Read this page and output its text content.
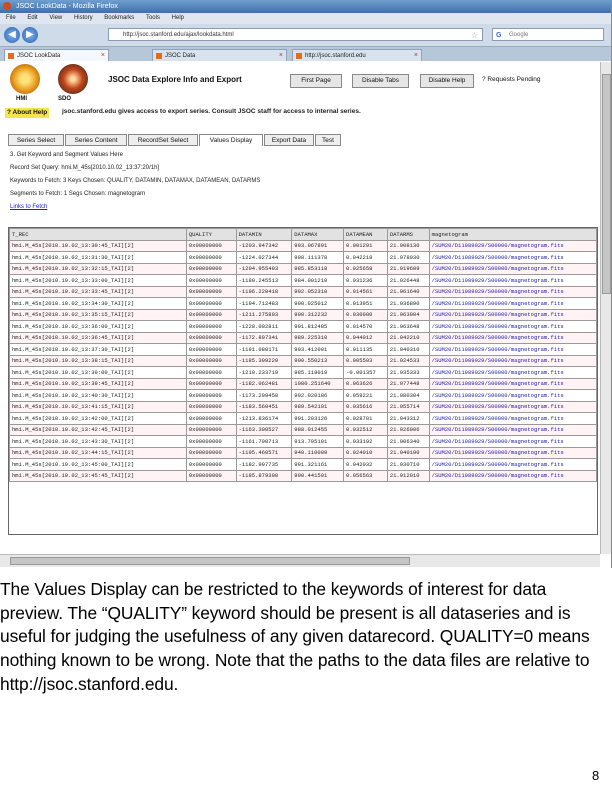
JSOC LookData - Mozilla Firefox
File Edit View History Bookmarks Tools Help
◀	▶	http://jsoc.stanford.edu/ajax/lookdata.html	☆	G Google
JSOC LookData	×	JSOC Data	×	http://jsoc.stanford.edu	×
HMI	SDO
JSOC Data Explore Info and Export	First Page	Disable Tabs	Disable Help	? Requests Pending
? About Help	jsoc.stanford.edu gives access to export series. Consult JSOC staff for access to internal series.
Series Select	Series Content	RecordSet Select	Values Display	Export Data	Test
3. Get Keyword and Segment Values Here
Record Set Query: hmi.M_45s[2010.10.02_13:37:20/1h]
Keywords to Fetch: 3 Keys Chosen: QUALITY, DATAMIN, DATAMAX, DATAMEAN, DATARMS
Segments to Fetch: 1 Segs Chosen: magnetogram
Links to Fetch
T_REC	QUALITY	DATAMIN	DATAMAX	DATAMEAN	DATARMS	magnetogram
hmi.M_45s[2010.10.02_13:30:45_TAI][2]	0x00000000	-1203.947342	993.067891	0.001291	21.908130	/SUM20/D11089029/S00000/magnetogram.fits
hmi.M_45s[2010.10.02_13:31:30_TAI][2]	0x00000000	-1224.027344	998.111378	0.042218	21.978030	/SUM20/D11089029/S00000/magnetogram.fits
hmi.M_45s[2010.10.02_13:32:15_TAI][2]	0x00000000	-1204.955493	985.853118	0.025658	21.919609	/SUM20/D11089029/S00000/magnetogram.fits
hmi.M_45s[2010.10.02_13:33:00_TAI][2]	0x00000000	-1180.245513	984.001210	0.031236	21.926448	/SUM20/D11089029/S00000/magnetogram.fits
hmi.M_45s[2010.10.02_13:33:45_TAI][2]	0x00000000	-1196.220418	992.052310	0.014561	21.961640	/SUM20/D11089029/S00000/magnetogram.fits
hmi.M_45s[2010.10.02_13:34:30_TAI][2]	0x00000000	-1194.712483	990.025012	0.013951	21.936890	/SUM20/D11089029/S00000/magnetogram.fits
hmi.M_45s[2010.10.02_13:35:15_TAI][2]	0x00000000	-1211.275803	990.312232	0.030000	21.963904	/SUM20/D11089029/S00000/magnetogram.fits
hmi.M_45s[2010.10.02_13:36:00_TAI][2]	0x00000000	-1228.002811	991.812485	0.014570	21.963648	/SUM20/D11089029/S00000/magnetogram.fits
hmi.M_45s[2010.10.02_13:36:45_TAI][2]	0x00000000	-1172.807341	989.225310	0.044012	21.942210	/SUM20/D11089029/S00000/magnetogram.fits
hmi.M_45s[2010.10.02_13:37:30_TAI][2]	0x00000000	-1191.080171	993.412001	0.011135	21.940310	/SUM20/D11089029/S00000/magnetogram.fits
hmi.M_45s[2010.10.02_13:38:15_TAI][2]	0x00000000	-1185.399220	990.550213	0.005503	21.924533	/SUM20/D11089029/S00000/magnetogram.fits
hmi.M_45s[2010.10.02_13:39:00_TAI][2]	0x00000000	-1210.233719	985.118019	-0.001357	21.935333	/SUM20/D11089029/S00000/magnetogram.fits
hmi.M_45s[2010.10.02_13:39:45_TAI][2]	0x00000000	-1182.062481	1080.251640	0.063626	21.977448	/SUM20/D11089029/S00000/magnetogram.fits
hmi.M_45s[2010.10.02_13:40:30_TAI][2]	0x00000000	-1173.299458	992.020186	0.059221	21.980304	/SUM20/D11089029/S00000/magnetogram.fits
hmi.M_45s[2010.10.02_13:41:15_TAI][2]	0x00000000	-1183.560451	989.542101	0.035616	21.955714	/SUM20/D11089029/S00000/magnetogram.fits
hmi.M_45s[2010.10.02_13:42:00_TAI][2]	0x00000000	-1213.836174	991.203126	0.028701	21.943312	/SUM20/D11089029/S00000/magnetogram.fits
hmi.M_45s[2010.10.02_13:42:45_TAI][2]	0x00000000	-1163.300527	988.012455	0.032512	21.926006	/SUM20/D11089029/S00000/magnetogram.fits
hmi.M_45s[2010.10.02_13:43:30_TAI][2]	0x00000000	-1161.700713	913.795101	0.033192	21.906340	/SUM20/D11089029/S00000/magnetogram.fits
hmi.M_45s[2010.10.02_13:44:15_TAI][2]	0x00000000	-1195.460571	940.110009	0.024010	21.940190	/SUM20/D11089029/S00000/magnetogram.fits
hmi.M_45s[2010.10.02_13:45:00_TAI][2]	0x00000000	-1182.997735	991.321161	0.042032	21.930710	/SUM20/D11089029/S00000/magnetogram.fits
hmi.M_45s[2010.10.02_13:45:45_TAI][2]	0x00000000	-1185.879300	990.441501	0.056563	21.912010	/SUM20/D11089029/S00000/magnetogram.fits
The Values Display can be restricted to the keywords of interest for data preview. The “QUALITY” keyword should be present is all dataseries and is useful for judging the usefulness of any given datarecord. QUALITY=0 means nothing known to be wrong. Note that the paths to the data files are relative to http://jsoc.stanford.edu.
8
